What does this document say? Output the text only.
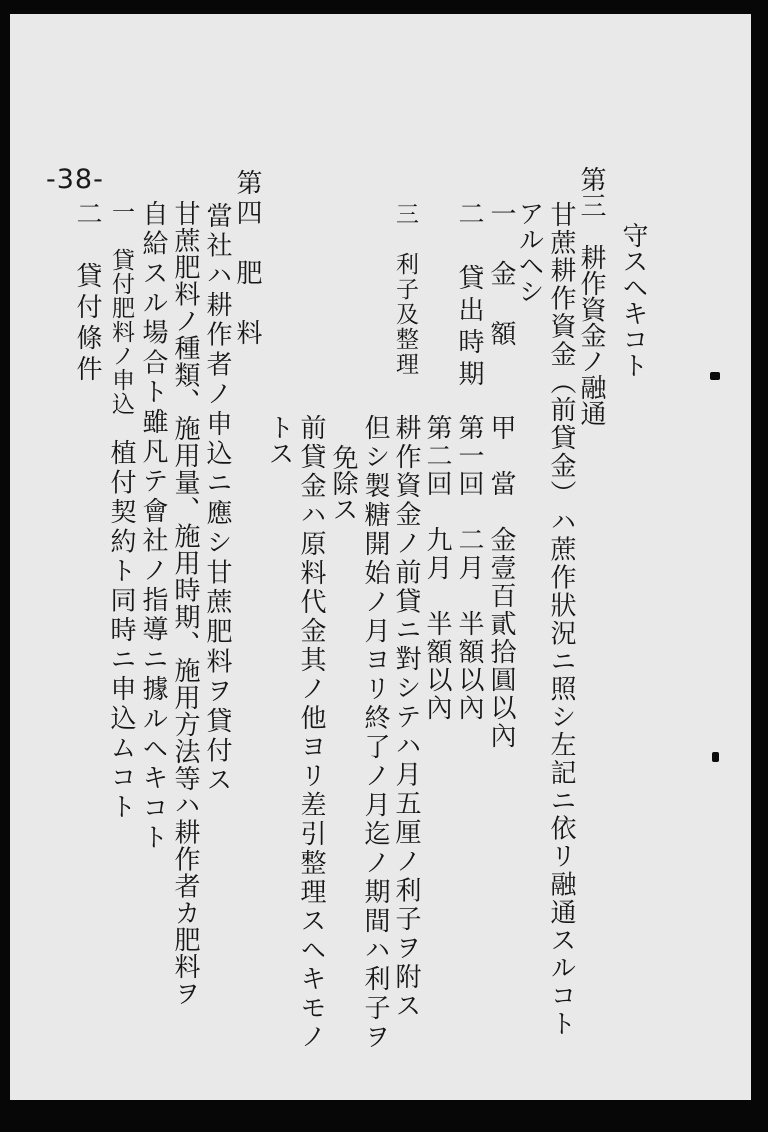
-38-
守スヘキコト
第三　耕作資金ノ融通
甘蔗耕作資金（前貸金）ハ蔗作狀況ニ照シ左記ニ依リ融通スルコト
アルヘシ
一　金　額
甲　當　金壹百貳拾圓以內
二　貸出時期
第一回　二月　半額以內
第二回　九月　半額以內
三　利子及整理
耕作資金ノ前貸ニ對シテハ月五厘ノ利子ヲ附ス
但シ製糖開始ノ月ヨリ終了ノ月迄ノ期間ハ利子ヲ
免除ス
前貸金ハ原料代金其ノ他ヨリ差引整理スヘキモノ
トス
第四　肥　料
當社ハ耕作者ノ申込ニ應シ甘蔗肥料ヲ貸付ス
甘蔗肥料ノ種類、施用量、施用時期、施用方法等ハ耕作者カ肥料ヲ
自給スル場合ト雖凡テ會社ノ指導ニ據ルヘキコト
一　貸付肥料ノ申込
植付契約ト同時ニ申込ムコト
二　貸付條件
